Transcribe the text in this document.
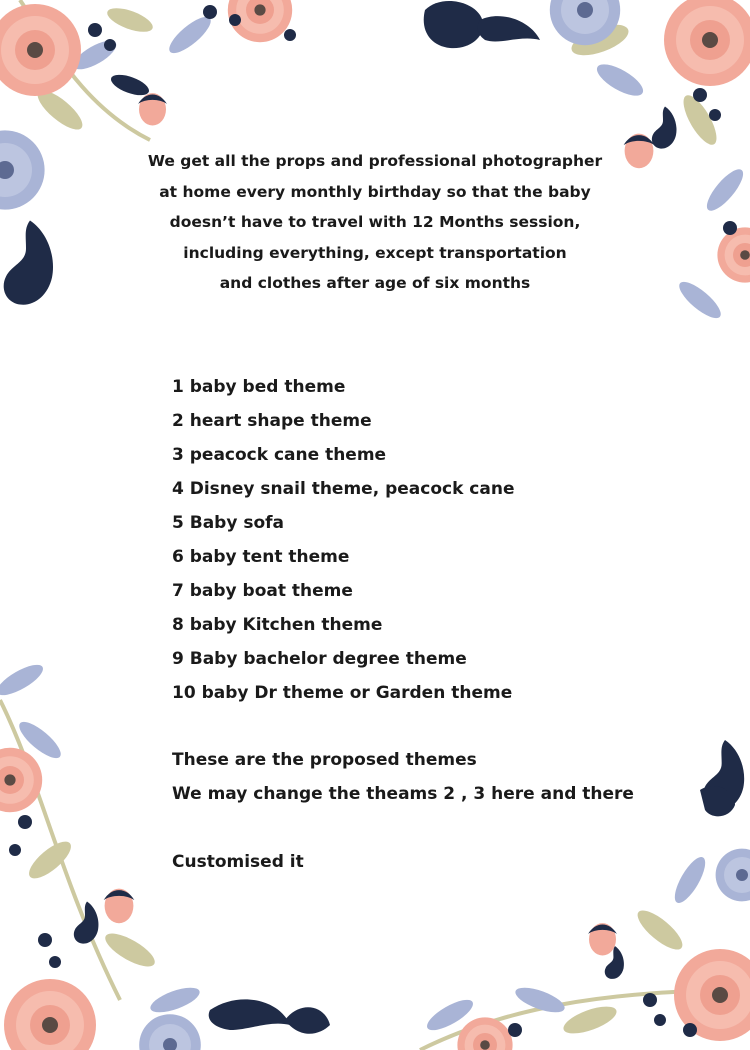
We get all the props and professional photographer
at home every monthly birthday so that the baby
doesn’t have to travel with 12 Months session,
including everything, except transportation
and clothes after age of six months
1 baby bed theme
2 heart shape theme
3 peacock cane theme
4 Disney snail theme, peacock cane
5 Baby sofa
6 baby tent theme
7 baby boat theme
8 baby Kitchen theme
9 Baby bachelor degree theme
10 baby Dr theme or Garden theme
These are the proposed themes
We may change the theams 2 , 3 here and there
Customised it
